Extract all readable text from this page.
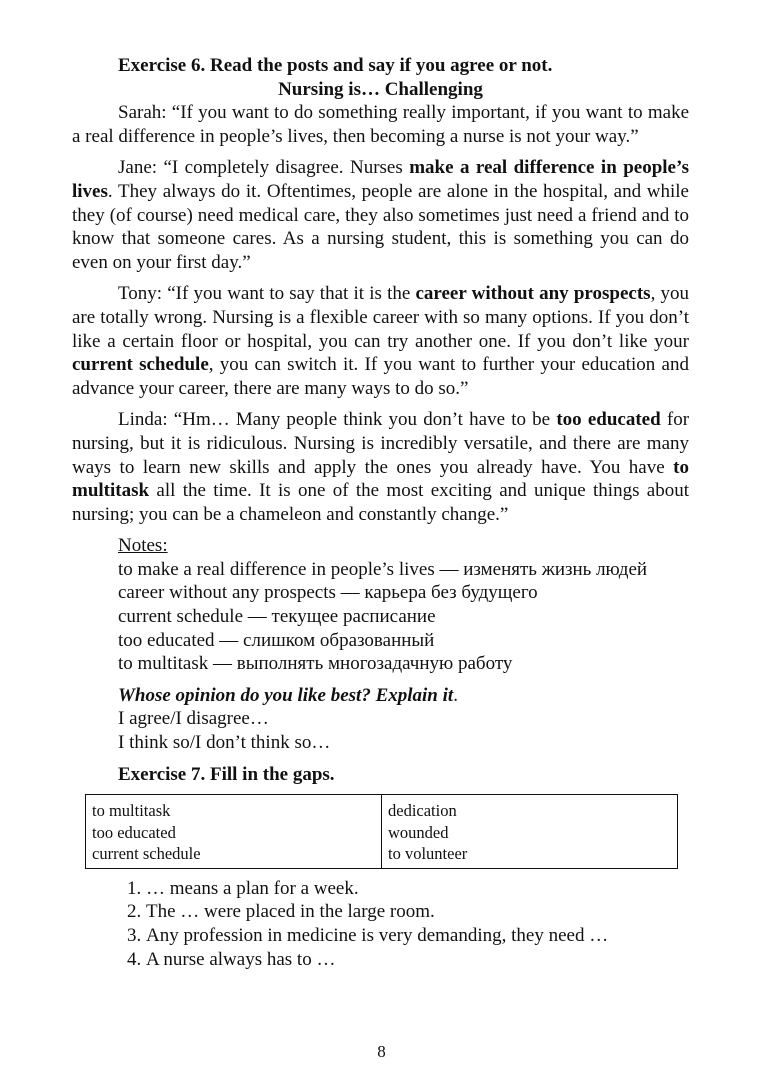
Exercise 6. Read the posts and say if you agree or not.

Nursing is… Challenging

Sarah: “If you want to do something really important, if you want to make a real difference in people’s lives, then becoming a nurse is not your way.”

Jane: “I completely disagree. Nurses make a real difference in people’s lives. They always do it. Oftentimes, people are alone in the hospital, and while they (of course) need medical care, they also sometimes just need a friend and to know that someone cares. As a nursing student, this is something you can do even on your first day.”

Tony: “If you want to say that it is the career without any prospects, you are totally wrong. Nursing is a flexible career with so many options. If you don’t like a certain floor or hospital, you can try another one. If you don’t like your current schedule, you can switch it. If you want to further your education and advance your career, there are many ways to do so.”

Linda: “Hm… Many people think you don’t have to be too educated for nursing, but it is ridiculous. Nursing is incredibly versatile, and there are many ways to learn new skills and apply the ones you already have. You have to multitask all the time. It is one of the most exciting and unique things about nursing; you can be a chameleon and constantly change.”

Notes:

to make a real difference in people’s lives — изменять жизнь людей

career without any prospects — карьера без будущего

current schedule — текущее расписание

too educated — слишком образованный

to multitask — выполнять многозадачную работу

Whose opinion do you like best? Explain it.

I agree/I disagree…

I think so/I don’t think so…

Exercise 7. Fill in the gaps.

to multitask
too educated
current schedule

dedication
wounded
to volunteer
1. … means a plan for a week.
2. The … were placed in the large room.
3. Any profession in medicine is very demanding, they need …
4. A nurse always has to …
8
